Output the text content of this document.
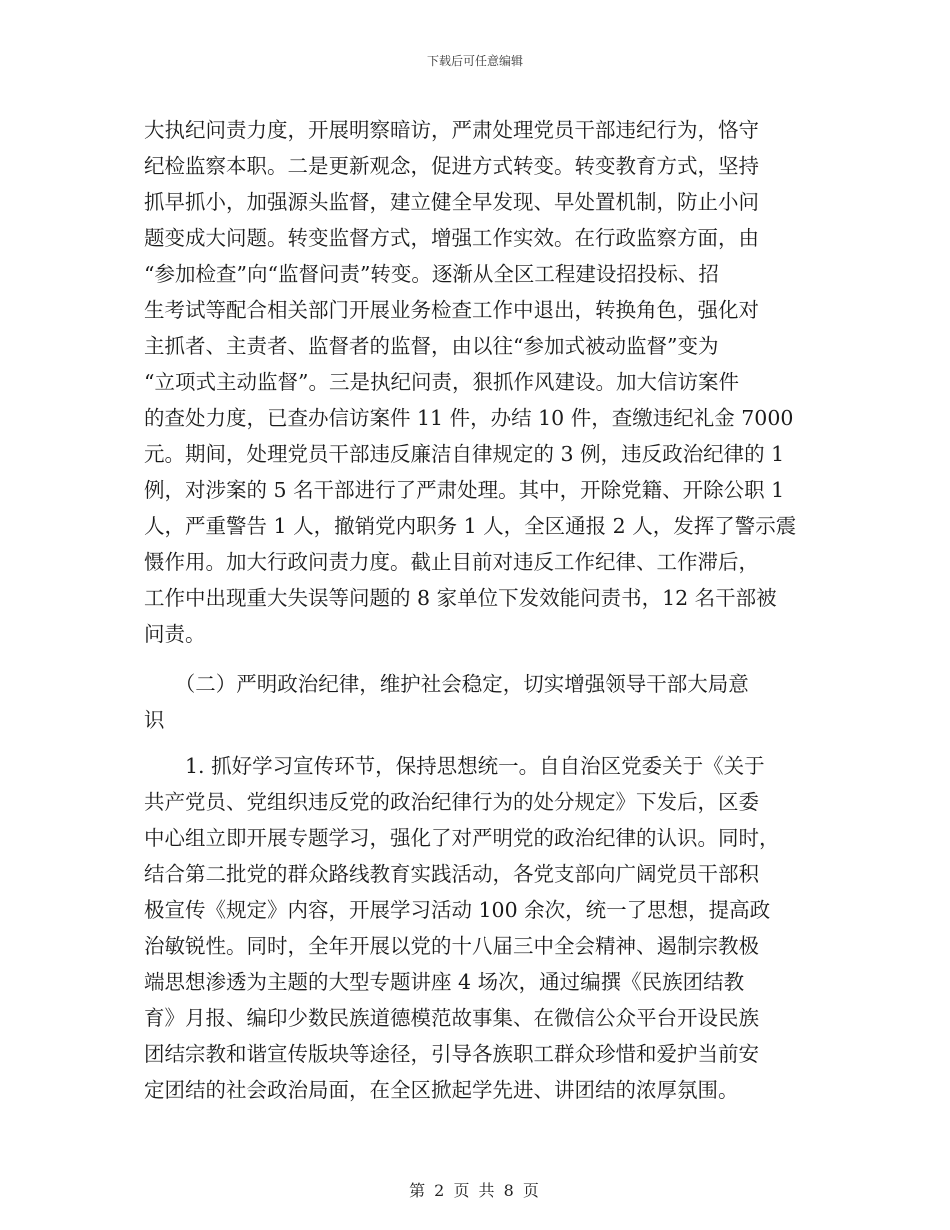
下载后可任意编辑
大执纪问责力度，开展明察暗访，严肃处理党员干部违纪行为，恪守
纪检监察本职。二是更新观念，促进方式转变。转变教育方式，坚持
抓早抓小，加强源头监督，建立健全早发现、早处置机制，防止小问
题变成大问题。转变监督方式，增强工作实效。在行政监察方面，由
“参加检查”向“监督问责”转变。逐渐从全区工程建设招投标、招
生考试等配合相关部门开展业务检查工作中退出，转换角色，强化对
主抓者、主责者、监督者的监督，由以往“参加式被动监督”变为
“立项式主动监督”。三是执纪问责，狠抓作风建设。加大信访案件
的查处力度，已查办信访案件 11 件，办结 10 件，查缴违纪礼金 7000
元。期间，处理党员干部违反廉洁自律规定的 3 例，违反政治纪律的 1
例，对涉案的 5 名干部进行了严肃处理。其中，开除党籍、开除公职 1
人，严重警告 1 人，撤销党内职务 1 人，全区通报 2 人，发挥了警示震
慑作用。加大行政问责力度。截止目前对违反工作纪律、工作滞后，
工作中出现重大失误等问题的 8 家单位下发效能问责书，12 名干部被
问责。
　　（二）严明政治纪律，维护社会稳定，切实增强领导干部大局意
识
　　1. 抓好学习宣传环节，保持思想统一。自自治区党委关于《关于
共产党员、党组织违反党的政治纪律行为的处分规定》下发后，区委
中心组立即开展专题学习，强化了对严明党的政治纪律的认识。同时，
结合第二批党的群众路线教育实践活动，各党支部向广阔党员干部积
极宣传《规定》内容，开展学习活动 100 余次，统一了思想，提高政
治敏锐性。同时，全年开展以党的十八届三中全会精神、遏制宗教极
端思想渗透为主题的大型专题讲座 4 场次，通过编撰《民族团结教
育》月报、编印少数民族道德模范故事集、在微信公众平台开设民族
团结宗教和谐宣传版块等途径，引导各族职工群众珍惜和爱护当前安
定团结的社会政治局面，在全区掀起学先进、讲团结的浓厚氛围。
第 2 页 共 8 页
